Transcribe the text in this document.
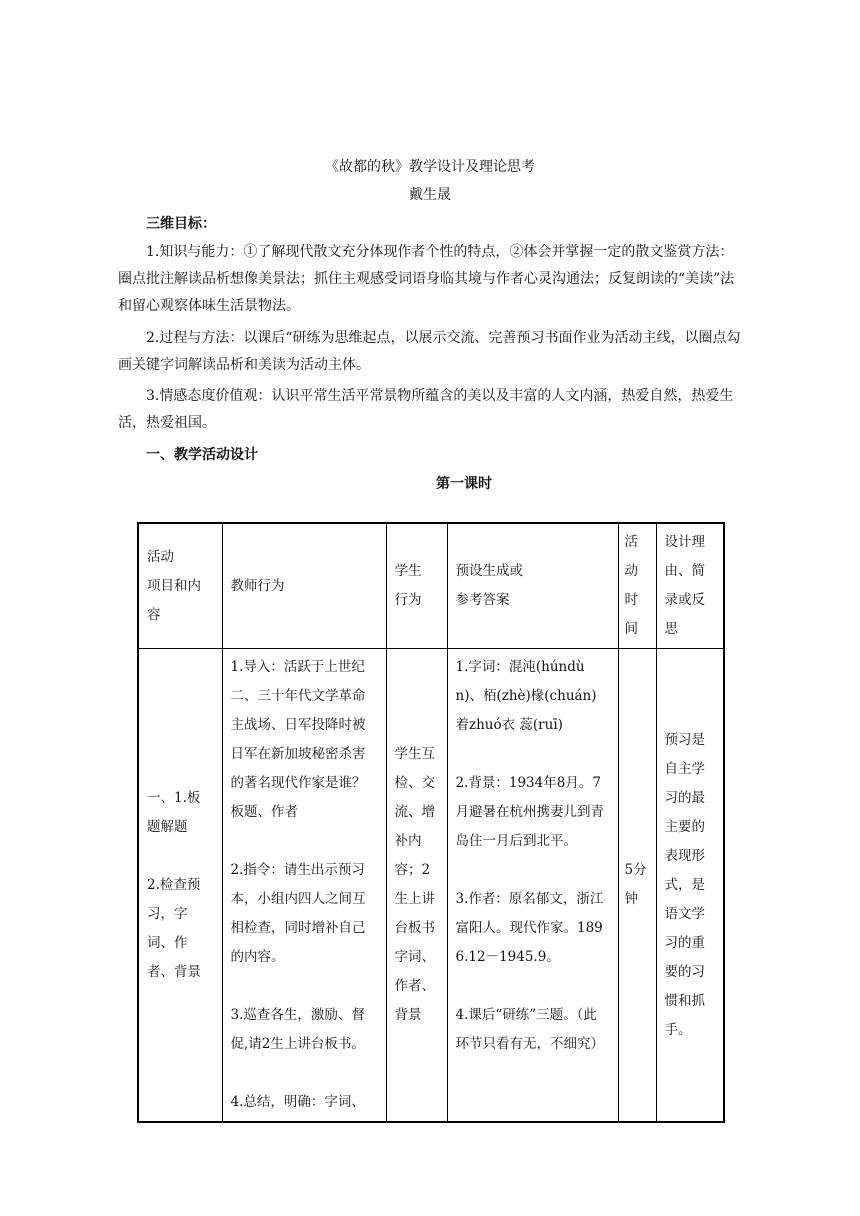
《故都的秋》教学设计及理论思考
戴生晟
三维目标：

1.知识与能力：①了解现代散文充分体现作者个性的特点，②体会并掌握一定的散文鉴赏方法：圈点批注解读品析想像美景法；抓住主观感受词语身临其境与作者心灵沟通法；反复朗读的“美读”法和留心观察体味生活景物法。

2.过程与方法：以课后“研练为思维起点，以展示交流、完善预习书面作业为活动主线，以圈点勾画关键字词解读品析和美读为活动主体。

3.情感态度价值观：认识平常生活平常景物所蕴含的美以及丰富的人文内涵，热爱自然，热爱生活，热爱祖国。

一、教学活动设计
第一课时
活动
项目和内
容	教师行为	学生
行为	预设生成或
参考答案	活
动
时
间	设计理
由、简
录或反
思

一、1.板题解题
2.检查预习，字词、作者、背景	1.导入：活跃于上世纪二、三十年代文学革命主战场、日军投降时被日军在新加坡秘密杀害的著名现代作家是谁？板题、作者
2.指令：请生出示预习本，小组内四人之间互相检查，同时增补自己的内容。
3.巡查各生，激励、督促,请2生上讲台板书。
4.总结，明确：字词、	学生互检、交流、增补内容；2生上讲台板书字词、作者、背景	1.字词：混沌(húndùn)、栢(zhè)椽(chuán)着zhuó衣 蕊(ruī)
2.背景：1934年8月。7月避暑在杭州携妻儿到青岛住一月后到北平。
3.作者：原名郁文，浙江富阳人。现代作家。1896.12－1945.9。
4.课后“研练”三题。（此环节只看有无，不细究）	5分钟	预习是自主学习的最主要的表现形式，是语文学习的重要的习惯和抓手。
